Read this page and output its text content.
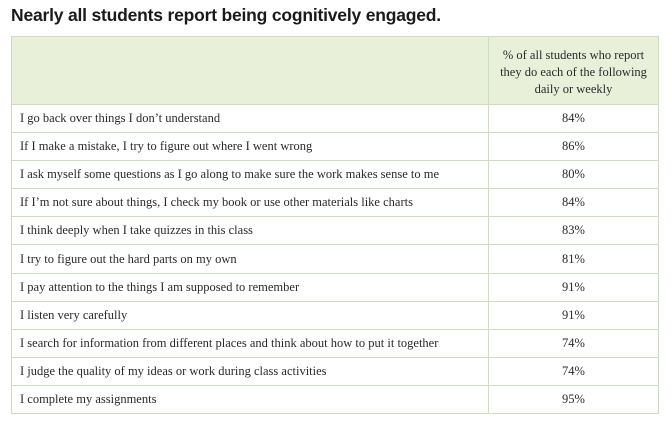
Nearly all students report being cognitively engaged.
	% of all students who report they do each of the following daily or weekly
I go back over things I don’t understand	84%
If I make a mistake, I try to figure out where I went wrong	86%
I ask myself some questions as I go along to make sure the work makes sense to me	80%
If I’m not sure about things, I check my book or use other materials like charts	84%
I think deeply when I take quizzes in this class	83%
I try to figure out the hard parts on my own	81%
I pay attention to the things I am supposed to remember	91%
I listen very carefully	91%
I search for information from different places and think about how to put it together	74%
I judge the quality of my ideas or work during class activities	74%
I complete my assignments	95%
